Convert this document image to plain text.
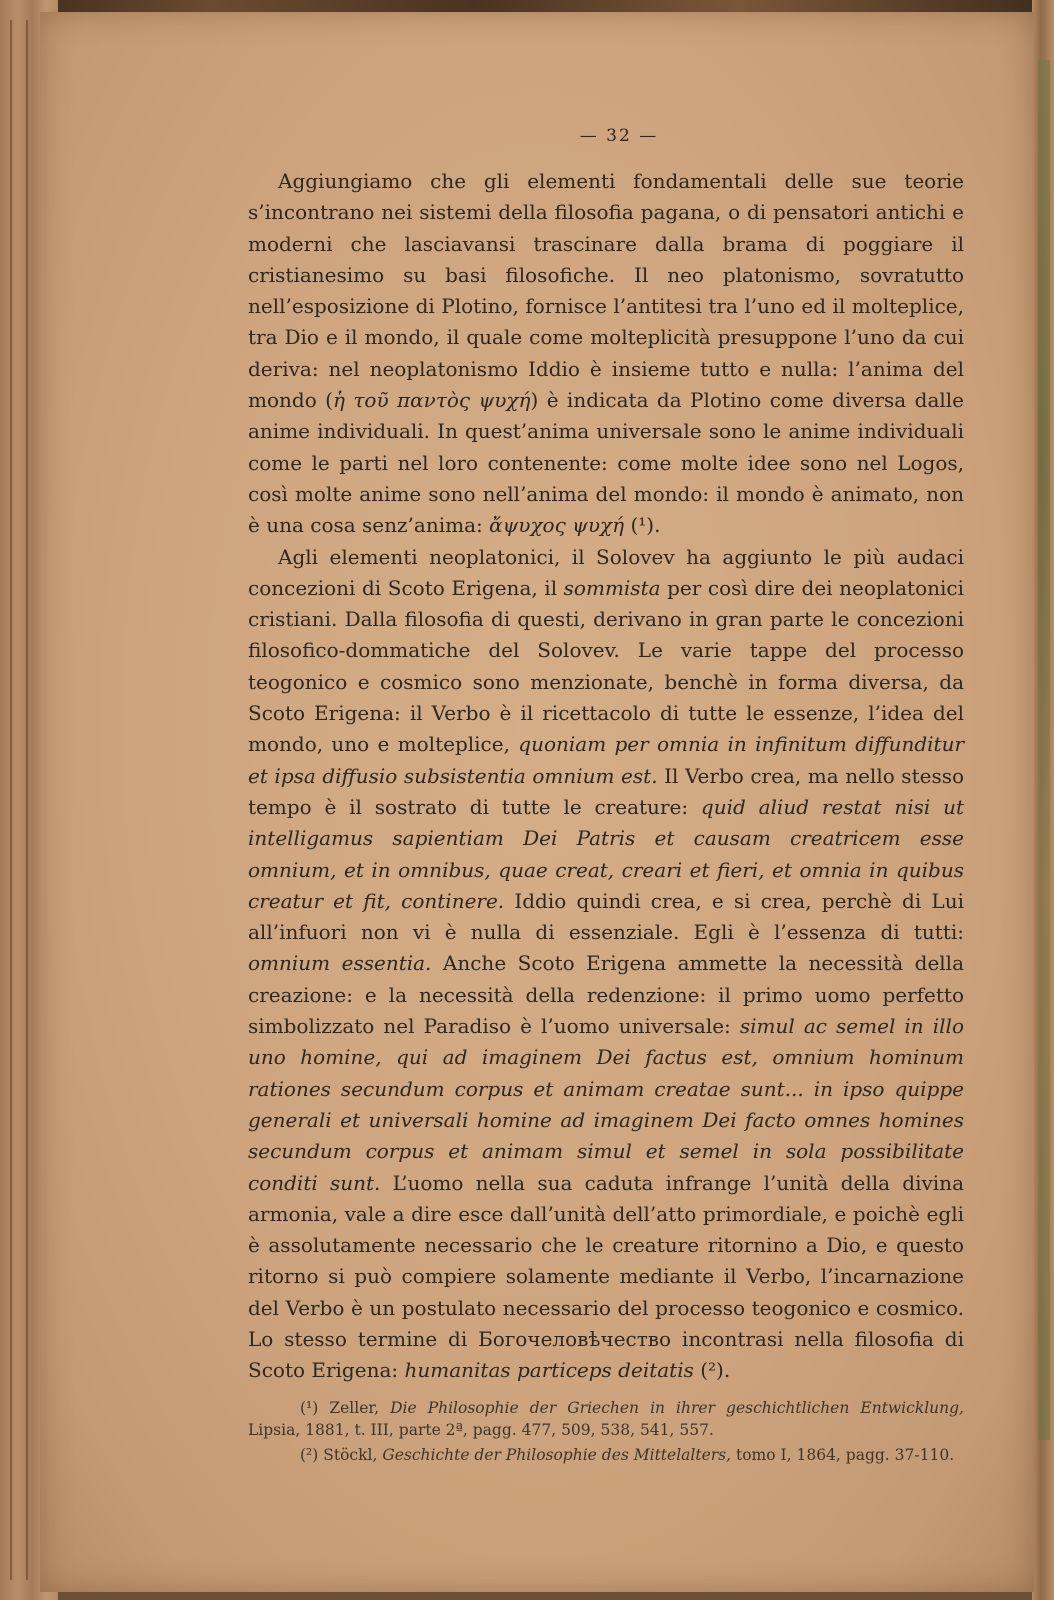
— 32 —

Aggiungiamo che gli elementi fondamentali delle sue teorie s’incontrano nei sistemi della filosofia pagana, o di pensatori antichi e moderni che lasciavansi trascinare dalla brama di poggiare il cristianesimo su basi filosofiche. Il neo platonismo, sovratutto nell’esposizione di Plotino, fornisce l’antitesi tra l’uno ed il molteplice, tra Dio e il mondo, il quale come molteplicità presuppone l’uno da cui deriva: nel neoplatonismo Iddio è insieme tutto e nulla: l’anima del mondo (ἡ τοῦ παντὸς ψυχή) è indicata da Plotino come diversa dalle anime individuali. In quest’anima universale sono le anime individuali come le parti nel loro contenente: come molte idee sono nel Logos, così molte anime sono nell’anima del mondo: il mondo è animato, non è una cosa senz’anima: ἄψυχος ψυχή (¹).

Agli elementi neoplatonici, il Solovev ha aggiunto le più audaci concezioni di Scoto Erigena, il sommista per così dire dei neoplatonici cristiani. Dalla filosofia di questi, derivano in gran parte le concezioni filosofico-dommatiche del Solovev. Le varie tappe del processo teogonico e cosmico sono menzionate, benchè in forma diversa, da Scoto Erigena: il Verbo è il ricettacolo di tutte le essenze, l’idea del mondo, uno e molteplice, quoniam per omnia in infinitum diffunditur et ipsa diffusio subsistentia omnium est. Il Verbo crea, ma nello stesso tempo è il sostrato di tutte le creature: quid aliud restat nisi ut intelligamus sapientiam Dei Patris et causam creatricem esse omnium, et in omnibus, quae creat, creari et fieri, et omnia in quibus creatur et fit, continere. Iddio quindi crea, e si crea, perchè di Lui all’infuori non vi è nulla di essenziale. Egli è l’essenza di tutti: omnium essentia. Anche Scoto Erigena ammette la necessità della creazione: e la necessità della redenzione: il primo uomo perfetto simbolizzato nel Paradiso è l’uomo universale: simul ac semel in illo uno homine, qui ad imaginem Dei factus est, omnium hominum rationes secundum corpus et animam creatae sunt... in ipso quippe generali et universali homine ad imaginem Dei facto omnes homines secundum corpus et animam simul et semel in sola possibilitate conditi sunt. L’uomo nella sua caduta infrange l’unità della divina armonia, vale a dire esce dall’unità dell’atto primordiale, e poichè egli è assolutamente necessario che le creature ritornino a Dio, e questo ritorno si può compiere solamente mediante il Verbo, l’incarnazione del Verbo è un postulato necessario del processo teogonico e cosmico. Lo stesso termine di Богочеловѣчество incontrasi nella filosofia di Scoto Erigena: humanitas particeps deitatis (²).

(¹) Zeller, Die Philosophie der Griechen in ihrer geschichtlichen Entwicklung, Lipsia, 1881, t. III, parte 2ª, pagg. 477, 509, 538, 541, 557.

(²) Stöckl, Geschichte der Philosophie des Mittelalters, tomo I, 1864, pagg. 37-110.
